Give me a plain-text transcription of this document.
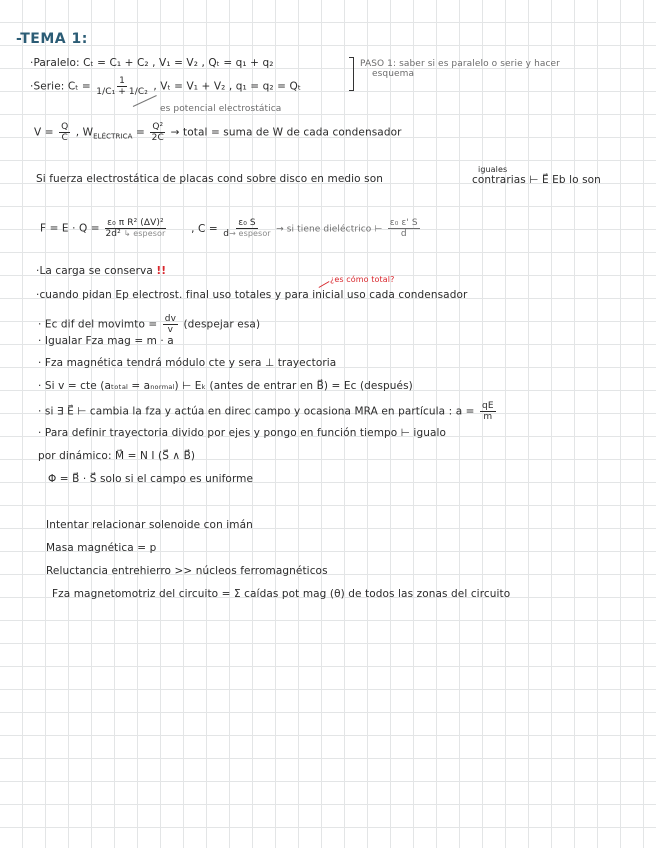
-TEMA 1:
·Paralelo: Cₜ = C₁ + C₂ , V₁ = V₂ , Qₜ = q₁ + q₂
·Serie: $C_t = \frac{1}{\text{1/C₁ + 1/C₂}}$ , Vₜ = V₁ + V₂ , q₁ = q₂ = Qₜ
PASO 1: saber si es paralelo o serie y hacer
esquema
es potencial electrostática
$V = \frac{Q}{C}$ , $W_{ELÉCTRICA} = \frac{\text{Q²}}{2C}$ → total = suma de W de cada condensador
Si fuerza electrostática de placas cond sobre disco en medio son
iguales
contrarias ⊢ E⃗ Eb lo son
$F = E \cdot Q = \frac{\text{ε₀ π R² (ΔV)²}}{\text{2d² ↳ espesor}}$ , $C = \frac{\text{ε₀ S}}{\text{d→ espesor}}$ → si tiene dieléctrico ⊢ $\frac{\text{ε₀ ε' S}}{d}$
·La carga se conserva !!
¿es cómo total?
·cuando pidan Ep electrost. final uso totales y para inicial uso cada condensador
· Ec dif del movimto = $\frac{dv}{v}$ (despejar esa)
· Igualar Fza mag = m · a
· Fza magnética tendrá módulo cte y sera ⊥ trayectoria
· Si v = cte (aₜₒₜₐₗ = aₙₒᵣₘₐₗ) ⊢ Eₖ (antes de entrar en B⃗) = Eᴄ (después)
· si ∃ E⃗ ⊢ cambia la fza y actúa en direc campo y ocasiona MRA en partícula : $a = \frac{qE}{m}$
· Para definir trayectoria divido por ejes y pongo en función tiempo ⊢ igualo
por dinámico: M⃗ = N I (S⃗ ∧ B⃗)
Φ = B⃗ · S⃗ solo si el campo es uniforme
Intentar relacionar solenoide con imán
Masa magnética = p
Reluctancia entrehierro >> núcleos ferromagnéticos
Fza magnetomotriz del circuito = Σ caídas pot mag (θ) de todos las zonas del circuito
